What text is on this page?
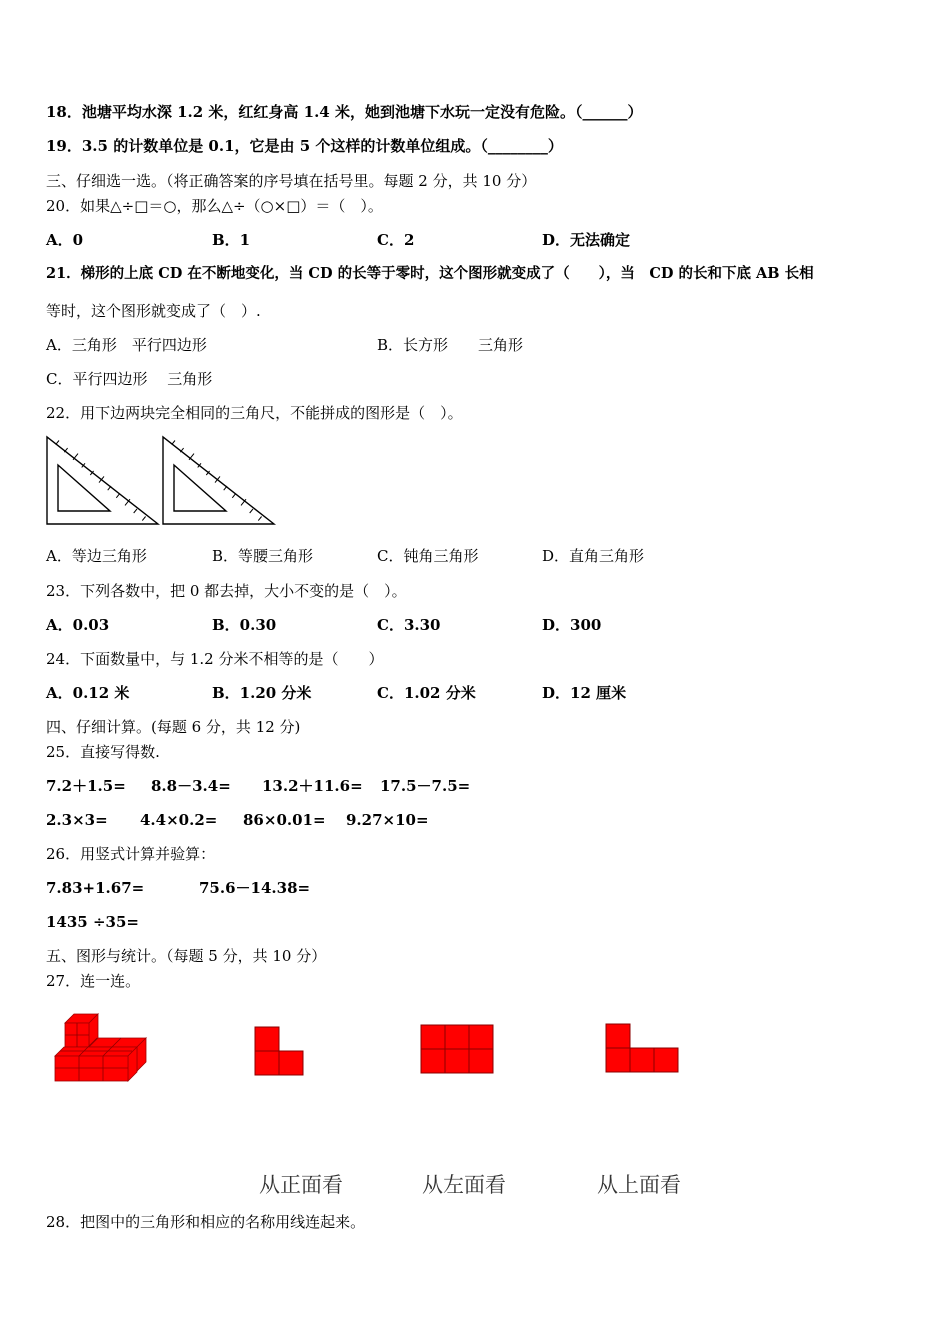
18．池塘平均水深 1.2 米，红红身高 1.4 米，她到池塘下水玩一定没有危险。（______）
19．3.5 的计数单位是 0.1，它是由 5 个这样的计数单位组成。（________）
三、仔细选一选。（将正确答案的序号填在括号里。每题 2 分，共 10 分）
20．如果△÷□＝○，那么△÷（○×□）＝（　）。
A．0	B．1	C．2	D．无法确定
21．梯形的上底 CD 在不断地变化，当 CD 的长等于零时，这个图形就变成了（　　），当　CD 的长和下底 AB 长相
等时，这个图形就变成了（　）.
A．三角形　平行四边形	B．长方形　　三角形
C．平行四边形　 三角形
22．用下边两块完全相同的三角尺，不能拼成的图形是（　）。
A．等边三角形	B．等腰三角形	C．钝角三角形	D．直角三角形
23．下列各数中，把 0 都去掉，大小不变的是（　）。
A．0.03	B．0.30	C．3.30	D．300
24．下面数量中，与 1.2 分米不相等的是（　　）
A．0.12 米	B．1.20 分米	C．1.02 分米	D．12 厘米
四、仔细计算。(每题 6 分，共 12 分)
25．直接写得数.
7.2＋1.5= 8.8－3.4= 13.2＋11.6= 17.5－7.5=
2.3×3= 4.4×0.2= 86×0.01= 9.27×10=
26．用竖式计算并验算：
7.83+1.67=	75.6－14.38=
1435 ÷35=
五、图形与统计。（每题 5 分，共 10 分）
27．连一连。
从正面看	从左面看	从上面看
28．把图中的三角形和相应的名称用线连起来。
